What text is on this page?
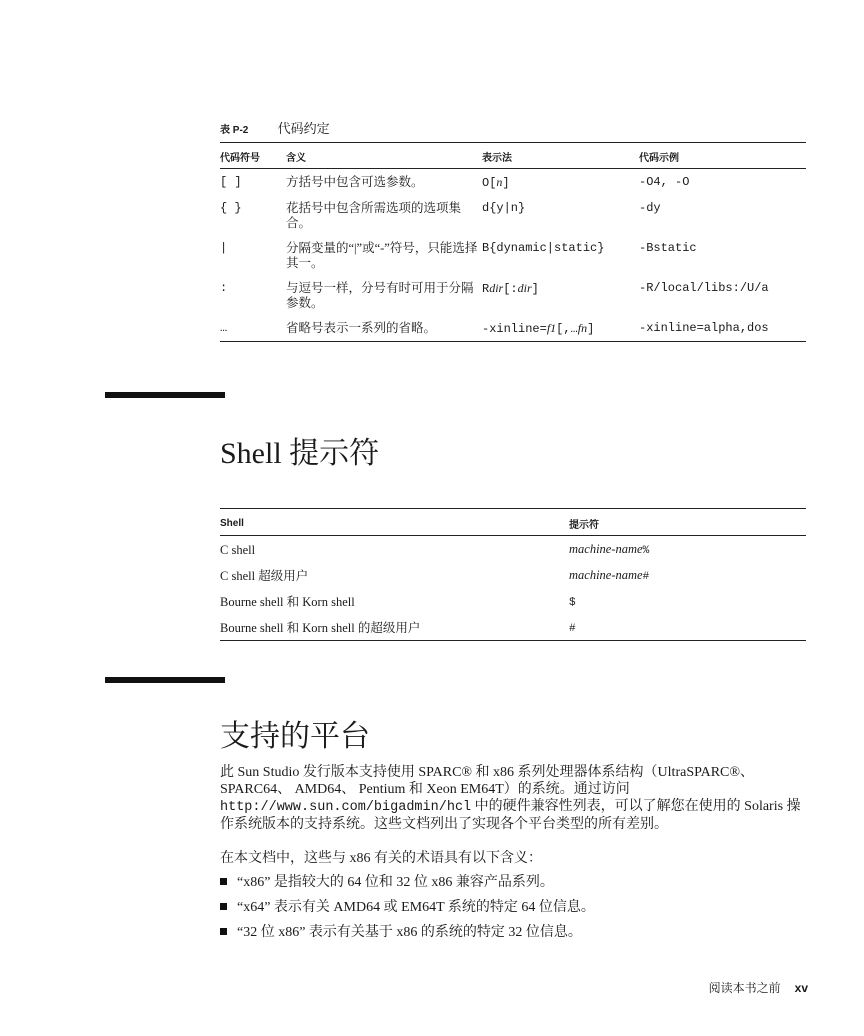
表 P-2 代码约定
代码符号	含义	表示法	代码示例
[ ]	方括号中包含可选参数。	O[n]	-O4, -O
{ }	花括号中包含所需选项的选项集合。	d{y|n}	-dy
|	分隔变量的“|”或“-”符号，只能选择其一。	B{dynamic|static}	-Bstatic
:	与逗号一样，分号有时可用于分隔参数。	Rdir[:dir]	-R/local/libs:/U/a
…	省略号表示一系列的省略。	-xinline=f1[,…fn]	-xinline=alpha,dos
Shell 提示符
Shell	提示符
C shell	machine-name%
C shell 超级用户	machine-name#
Bourne shell 和 Korn shell	$
Bourne shell 和 Korn shell 的超级用户	#
支持的平台

此 Sun Studio 发行版本支持使用 SPARC® 和 x86 系列处理器体系结构（UltraSPARC®、SPARC64、 AMD64、 Pentium 和 Xeon EM64T）的系统。通过访问
http://www.sun.com/bigadmin/hcl 中的硬件兼容性列表，可以了解您在使用的 Solaris 操作系统版本的支持系统。这些文档列出了实现各个平台类型的所有差别。

在本文档中，这些与 x86 有关的术语具有以下含义：

“x86” 是指较大的 64 位和 32 位 x86 兼容产品系列。
“x64” 表示有关 AMD64 或 EM64T 系统的特定 64 位信息。
“32 位 x86” 表示有关基于 x86 的系统的特定 32 位信息。
阅读本书之前 xv
